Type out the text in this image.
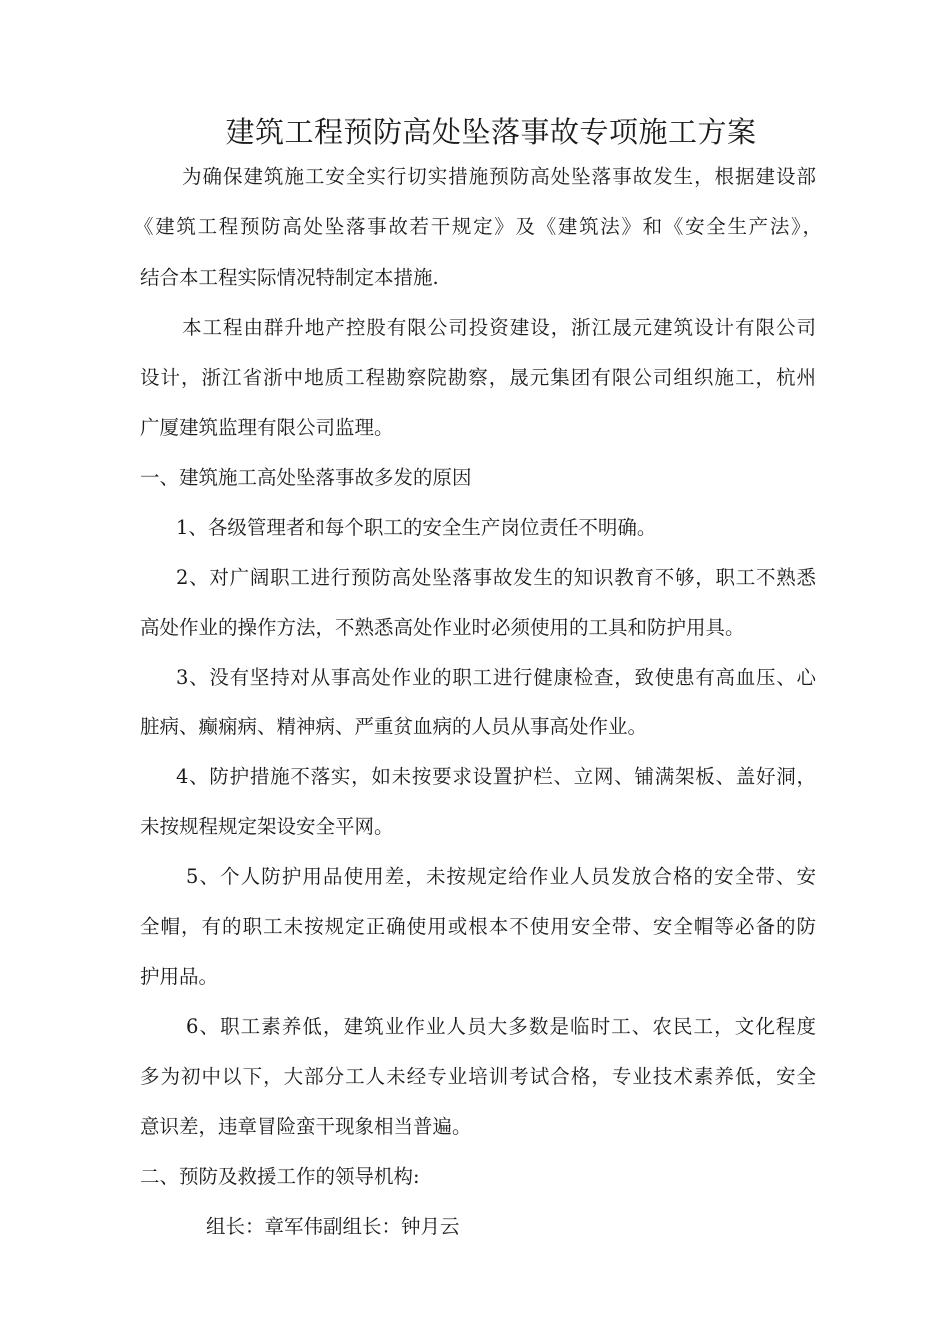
建筑工程预防高处坠落事故专项施工方案
为确保建筑施工安全实行切实措施预防高处坠落事故发生，根据建设部
《建筑工程预防高处坠落事故若干规定》及《建筑法》和《安全生产法》，
结合本工程实际情况特制定本措施.
本工程由群升地产控股有限公司投资建设，浙江晟元建筑设计有限公司
设计，浙江省浙中地质工程勘察院勘察，晟元集团有限公司组织施工，杭州
广厦建筑监理有限公司监理。
一、建筑施工高处坠落事故多发的原因
1、各级管理者和每个职工的安全生产岗位责任不明确。
2、对广阔职工进行预防高处坠落事故发生的知识教育不够，职工不熟悉
高处作业的操作方法，不熟悉高处作业时必须使用的工具和防护用具。
3、没有坚持对从事高处作业的职工进行健康检查，致使患有高血压、心
脏病、癫痫病、精神病、严重贫血病的人员从事高处作业。
4、防护措施不落实，如未按要求设置护栏、立网、铺满架板、盖好洞，
未按规程规定架设安全平网。
5、个人防护用品使用差，未按规定给作业人员发放合格的安全带、安
全帽，有的职工未按规定正确使用或根本不使用安全带、安全帽等必备的防
护用品。
6、职工素养低，建筑业作业人员大多数是临时工、农民工，文化程度
多为初中以下，大部分工人未经专业培训考试合格，专业技术素养低，安全
意识差，违章冒险蛮干现象相当普遍。
二、预防及救援工作的领导机构:
组长：章军伟副组长：钟月云
